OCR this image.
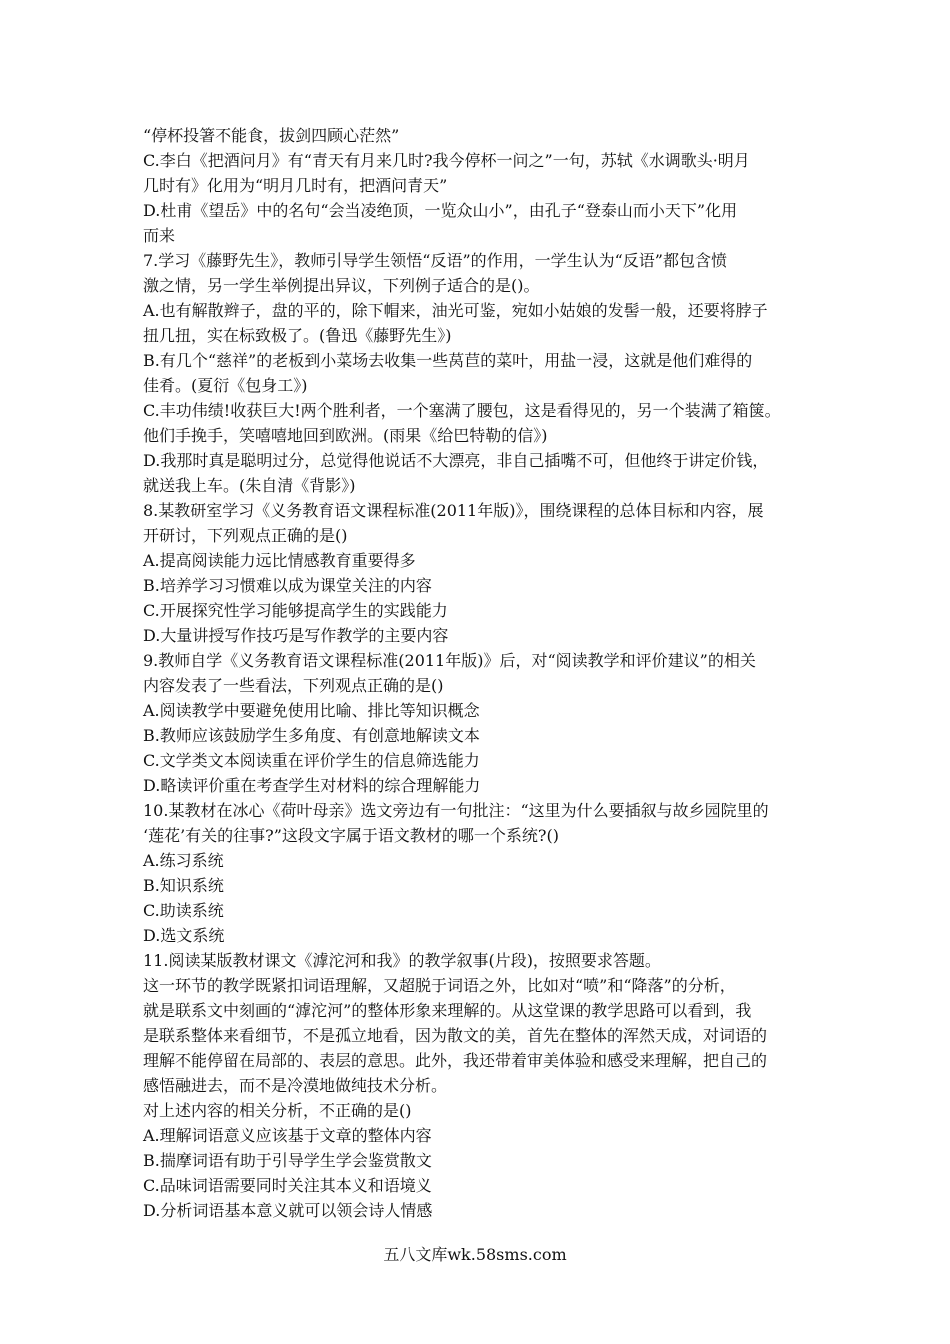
“停杯投箸不能食，拔剑四顾心茫然”
C.李白《把酒问月》有“青天有月来几时?我今停杯一问之”一句，苏轼《水调歌头·明月
几时有》化用为“明月几时有，把酒问青天”
D.杜甫《望岳》中的名句“会当凌绝顶，一览众山小”，由孔子“登泰山而小天下”化用
而来
7.学习《藤野先生》，教师引导学生领悟“反语”的作用，一学生认为“反语”都包含愤
激之情，另一学生举例提出异议，下列例子适合的是()。
A.也有解散辫子，盘的平的，除下帽来，油光可鉴，宛如小姑娘的发髻一般，还要将脖子
扭几扭，实在标致极了。(鲁迅《藤野先生》)
B.有几个“慈祥”的老板到小菜场去收集一些莴苣的菜叶，用盐一浸，这就是他们难得的
佳肴。(夏衍《包身工》)
C.丰功伟绩!收获巨大!两个胜利者，一个塞满了腰包，这是看得见的，另一个装满了箱箧。
他们手挽手，笑嘻嘻地回到欧洲。(雨果《给巴特勒的信》)
D.我那时真是聪明过分，总觉得他说话不大漂亮，非自己插嘴不可，但他终于讲定价钱，
就送我上车。(朱自清《背影》)
8.某教研室学习《义务教育语文课程标准(2011年版)》，围绕课程的总体目标和内容，展
开研讨，下列观点正确的是()
A.提高阅读能力远比情感教育重要得多
B.培养学习习惯难以成为课堂关注的内容
C.开展探究性学习能够提高学生的实践能力
D.大量讲授写作技巧是写作教学的主要内容
9.教师自学《义务教育语文课程标准(2011年版)》后，对“阅读教学和评价建议”的相关
内容发表了一些看法，下列观点正确的是()
A.阅读教学中要避免使用比喻、排比等知识概念
B.教师应该鼓励学生多角度、有创意地解读文本
C.文学类文本阅读重在评价学生的信息筛选能力
D.略读评价重在考查学生对材料的综合理解能力
10.某教材在冰心《荷叶母亲》选文旁边有一句批注：“这里为什么要插叙与故乡园院里的
‘莲花’有关的往事?”这段文字属于语文教材的哪一个系统?()
A.练习系统
B.知识系统
C.助读系统
D.选文系统
11.阅读某版教材课文《滹沱河和我》的教学叙事(片段)，按照要求答题。
这一环节的教学既紧扣词语理解，又超脱于词语之外，比如对“喷”和“降落”的分析，
就是联系文中刻画的“滹沱河”的整体形象来理解的。从这堂课的教学思路可以看到，我
是联系整体来看细节，不是孤立地看，因为散文的美，首先在整体的浑然天成，对词语的
理解不能停留在局部的、表层的意思。此外，我还带着审美体验和感受来理解，把自己的
感悟融进去，而不是冷漠地做纯技术分析。
对上述内容的相关分析，不正确的是()
A.理解词语意义应该基于文章的整体内容
B.揣摩词语有助于引导学生学会鉴赏散文
C.品味词语需要同时关注其本义和语境义
D.分析词语基本意义就可以领会诗人情感
五八文库wk.58sms.com
